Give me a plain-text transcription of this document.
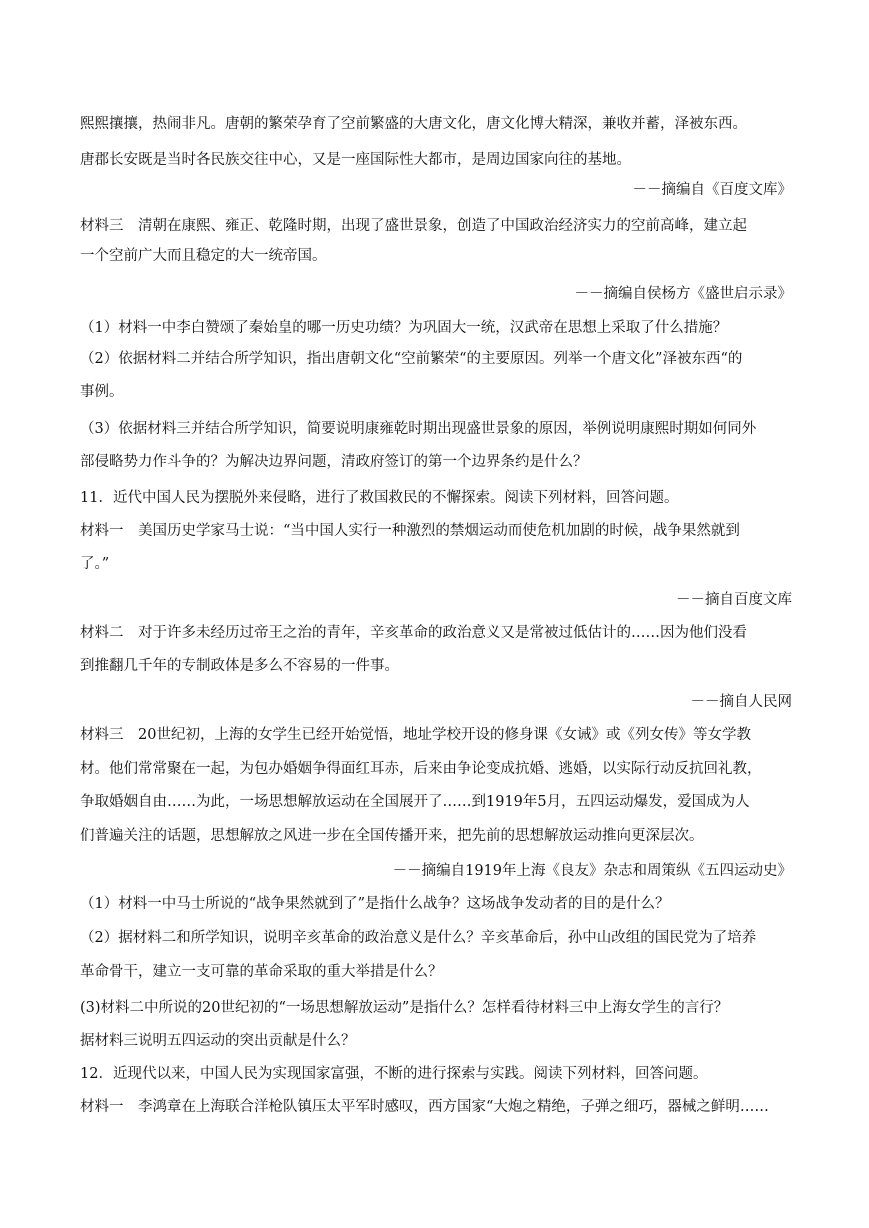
熙熙攘攘，热闹非凡。唐朝的繁荣孕育了空前繁盛的大唐文化，唐文化博大精深，兼收并蓄，泽被东西。
唐郡长安既是当时各民族交往中心，又是一座国际性大都市，是周边国家向往的基地。
－－摘编自《百度文库》
材料三　清朝在康熙、雍正、乾隆时期，出现了盛世景象，创造了中国政治经济实力的空前高峰，建立起
一个空前广大而且稳定的大一统帝国。
－－摘编自侯杨方《盛世启示录》
（1）材料一中李白赞颂了秦始皇的哪一历史功绩？为巩固大一统，汉武帝在思想上采取了什么措施？
（2）依据材料二并结合所学知识，指出唐朝文化“空前繁荣“的主要原因。列举一个唐文化”泽被东西“的
事例。
（3）依据材料三并结合所学知识，简要说明康雍乾时期出现盛世景象的原因，举例说明康熙时期如何同外
部侵略势力作斗争的？为解决边界问题，清政府签订的第一个边界条约是什么？
11．近代中国人民为摆脱外来侵略，进行了救国救民的不懈探索。阅读下列材料，回答问题。
材料一　美国历史学家马士说：“当中国人实行一种激烈的禁烟运动而使危机加剧的时候，战争果然就到
了。”
－－摘自百度文库
材料二　对于许多未经历过帝王之治的青年，辛亥革命的政治意义又是常被过低估计的……因为他们没看
到推翻几千年的专制政体是多么不容易的一件事。
－－摘自人民网
材料三　20世纪初，上海的女学生已经开始觉悟，地址学校开设的修身课《女诫》或《列女传》等女学教
材。他们常常聚在一起，为包办婚姻争得面红耳赤，后来由争论变成抗婚、逃婚，以实际行动反抗回礼教，
争取婚姻自由……为此，一场思想解放运动在全国展开了……到1919年5月，五四运动爆发，爱国成为人
们普遍关注的话题，思想解放之风进一步在全国传播开来，把先前的思想解放运动推向更深层次。
－－摘编自1919年上海《良友》杂志和周策纵《五四运动史》
（1）材料一中马士所说的“战争果然就到了”是指什么战争？这场战争发动者的目的是什么？
（2）据材料二和所学知识，说明辛亥革命的政治意义是什么？辛亥革命后，孙中山改组的国民党为了培养
革命骨干，建立一支可靠的革命采取的重大举措是什么？
(3)材料二中所说的20世纪初的“一场思想解放运动”是指什么？怎样看待材料三中上海女学生的言行？
据材料三说明五四运动的突出贡献是什么？
12．近现代以来，中国人民为实现国家富强，不断的进行探索与实践。阅读下列材料，回答问题。
材料一　李鸿章在上海联合洋枪队镇压太平军时感叹，西方国家“大炮之精绝，子弹之细巧，器械之鲜明……
